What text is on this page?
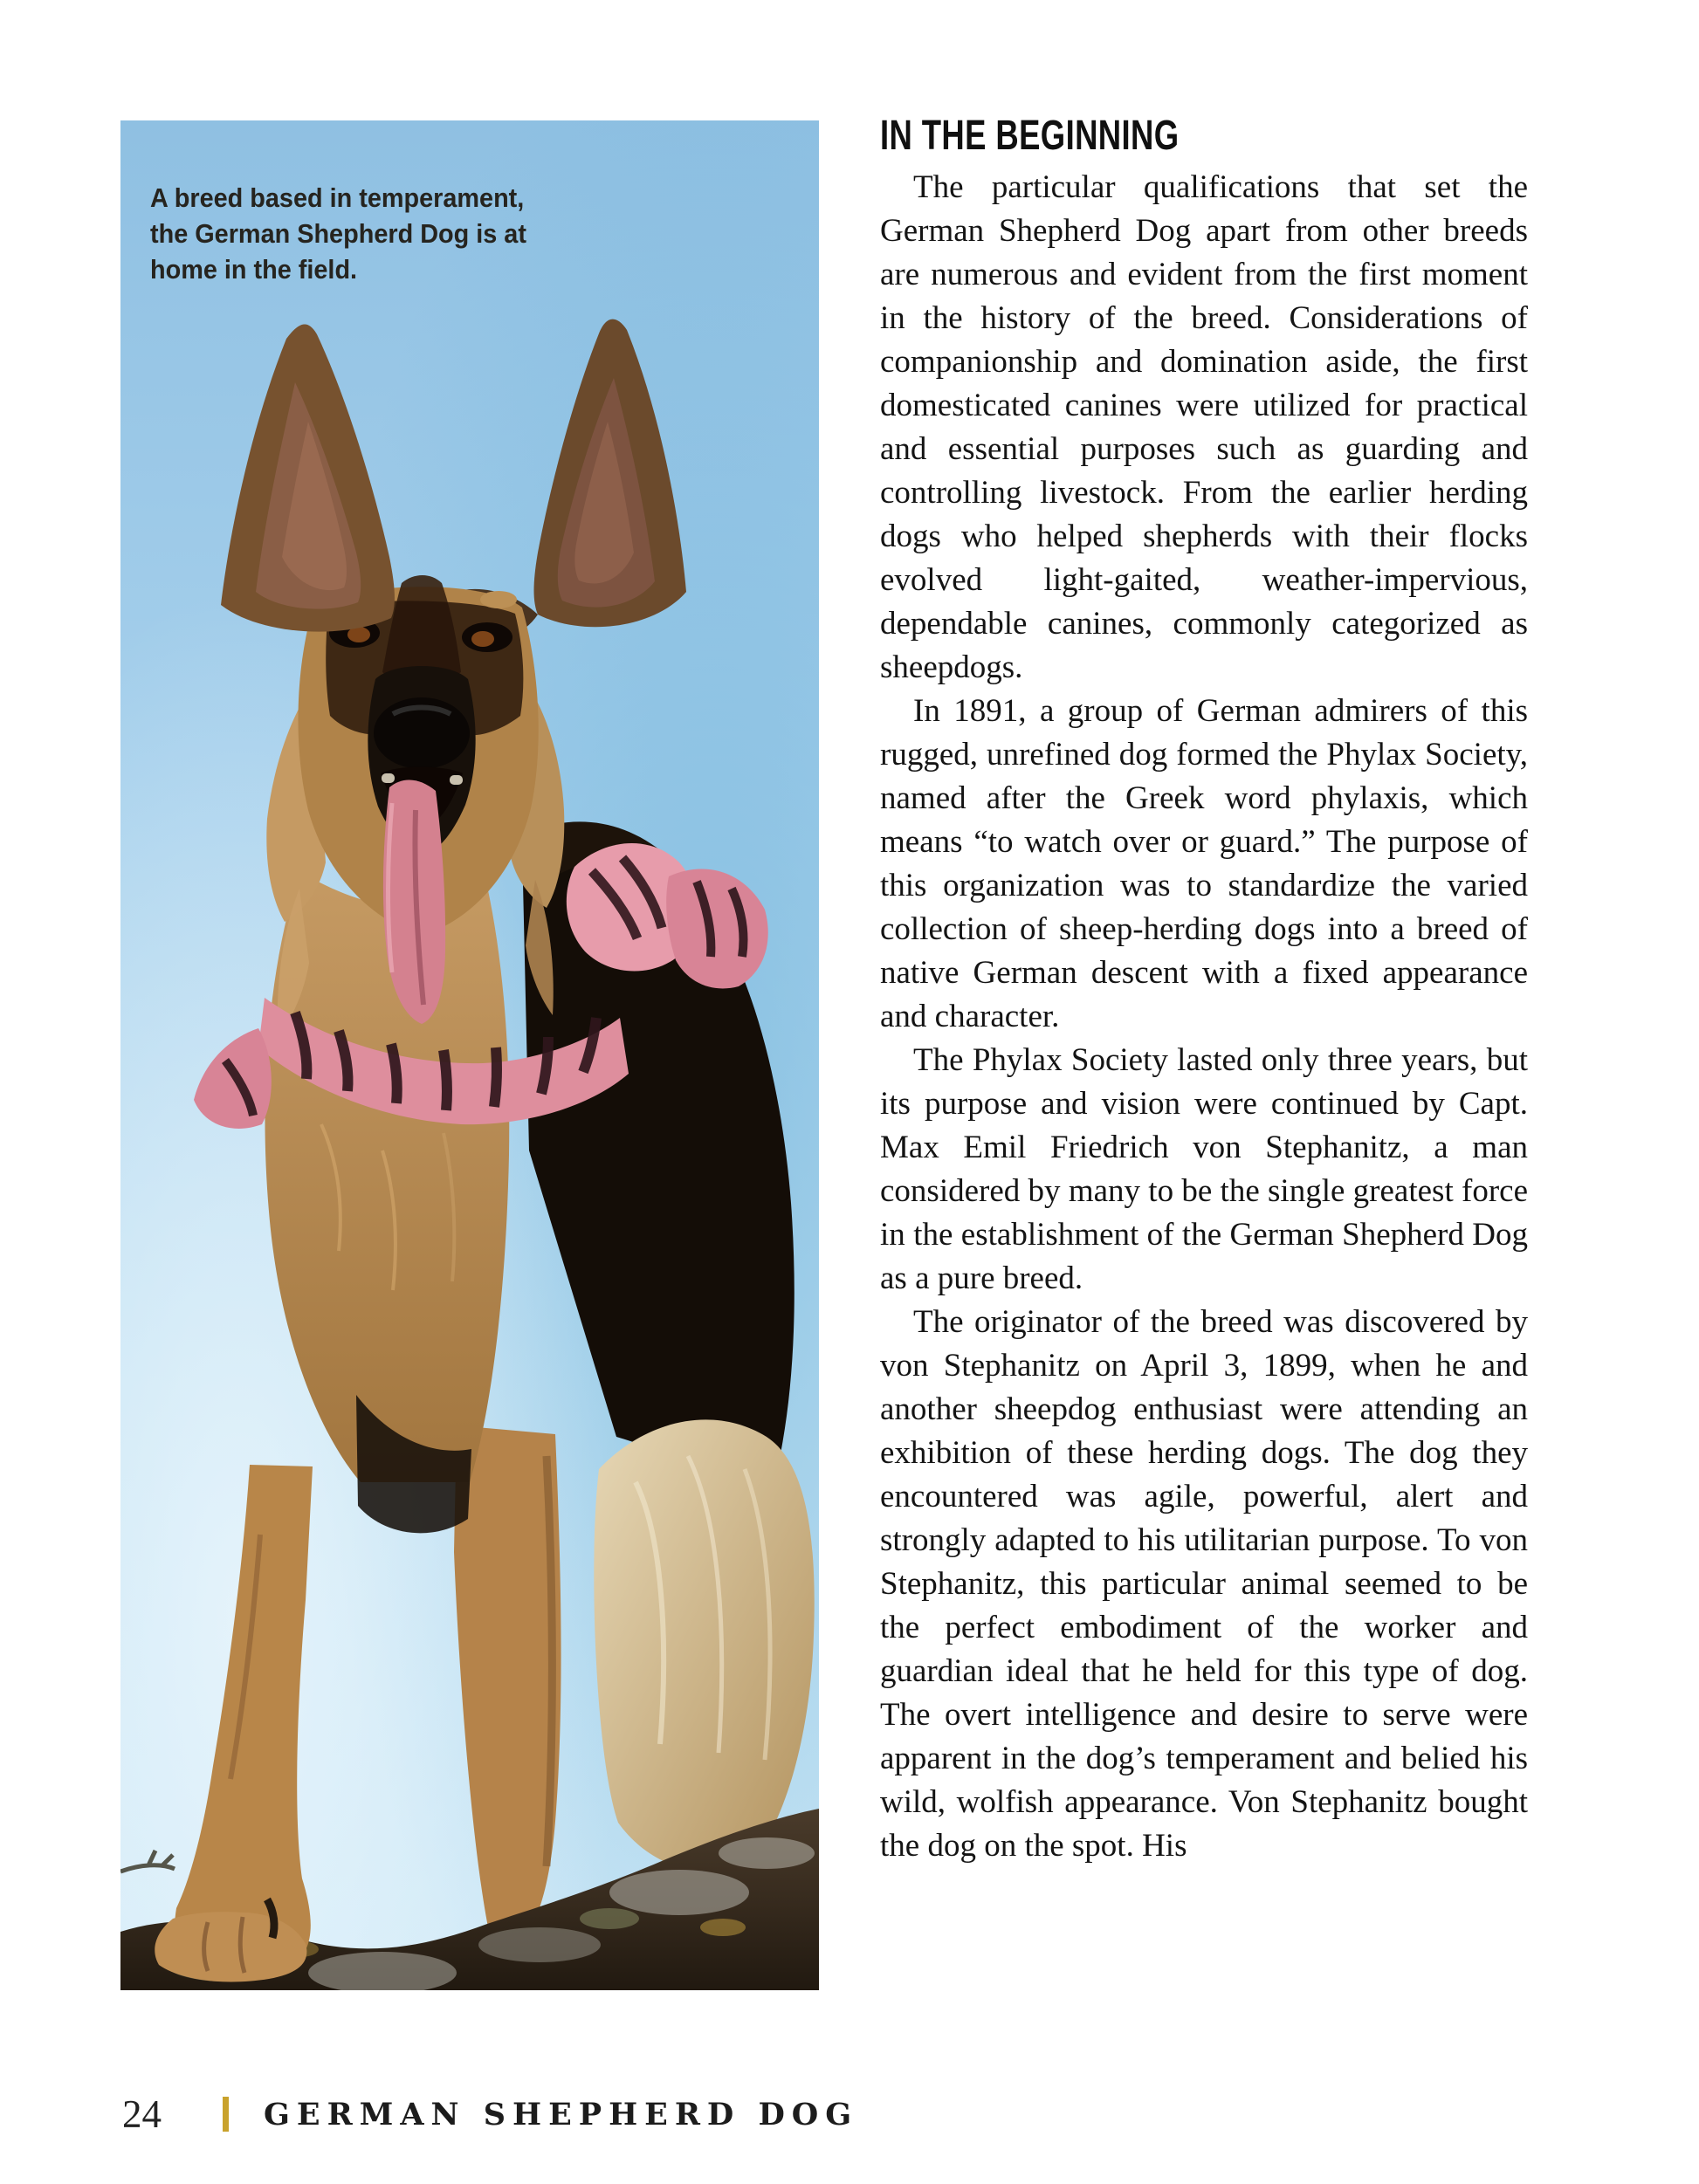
A breed based in temperament,
the German Shepherd Dog is at
home in the field.
IN THE BEGINNING

The particular qualifications that set the German Shepherd Dog apart from other breeds are numerous and evident from the first moment in the history of the breed. Considerations of companionship and domination aside, the first domesticated canines were utilized for practical and essential purposes such as guarding and controlling livestock. From the earlier herding dogs who helped shepherds with their flocks evolved light-gaited, weather-impervious, dependable canines, commonly categorized as sheepdogs.

In 1891, a group of German admirers of this rugged, unrefined dog formed the Phylax Society, named after the Greek word phylaxis, which means “to watch over or guard.” The purpose of this organization was to standardize the varied collection of sheep-herding dogs into a breed of native German descent with a fixed appearance and character.

The Phylax Society lasted only three years, but its purpose and vision were continued by Capt. Max Emil Friedrich von Stephanitz, a man considered by many to be the single greatest force in the establishment of the German Shepherd Dog as a pure breed.

The originator of the breed was discovered by von Stephanitz on April 3, 1899, when he and another sheepdog enthusiast were attending an exhibition of these herding dogs. The dog they encountered was agile, powerful, alert and strongly adapted to his utilitarian purpose. To von Stephanitz, this particular animal seemed to be the perfect embodiment of the worker and guardian ideal that he held for this type of dog. The overt intelligence and desire to serve were apparent in the dog’s temperament and belied his wild, wolfish appearance. Von Stephanitz bought the dog on the spot. His

24	GERMAN SHEPHERD DOG
